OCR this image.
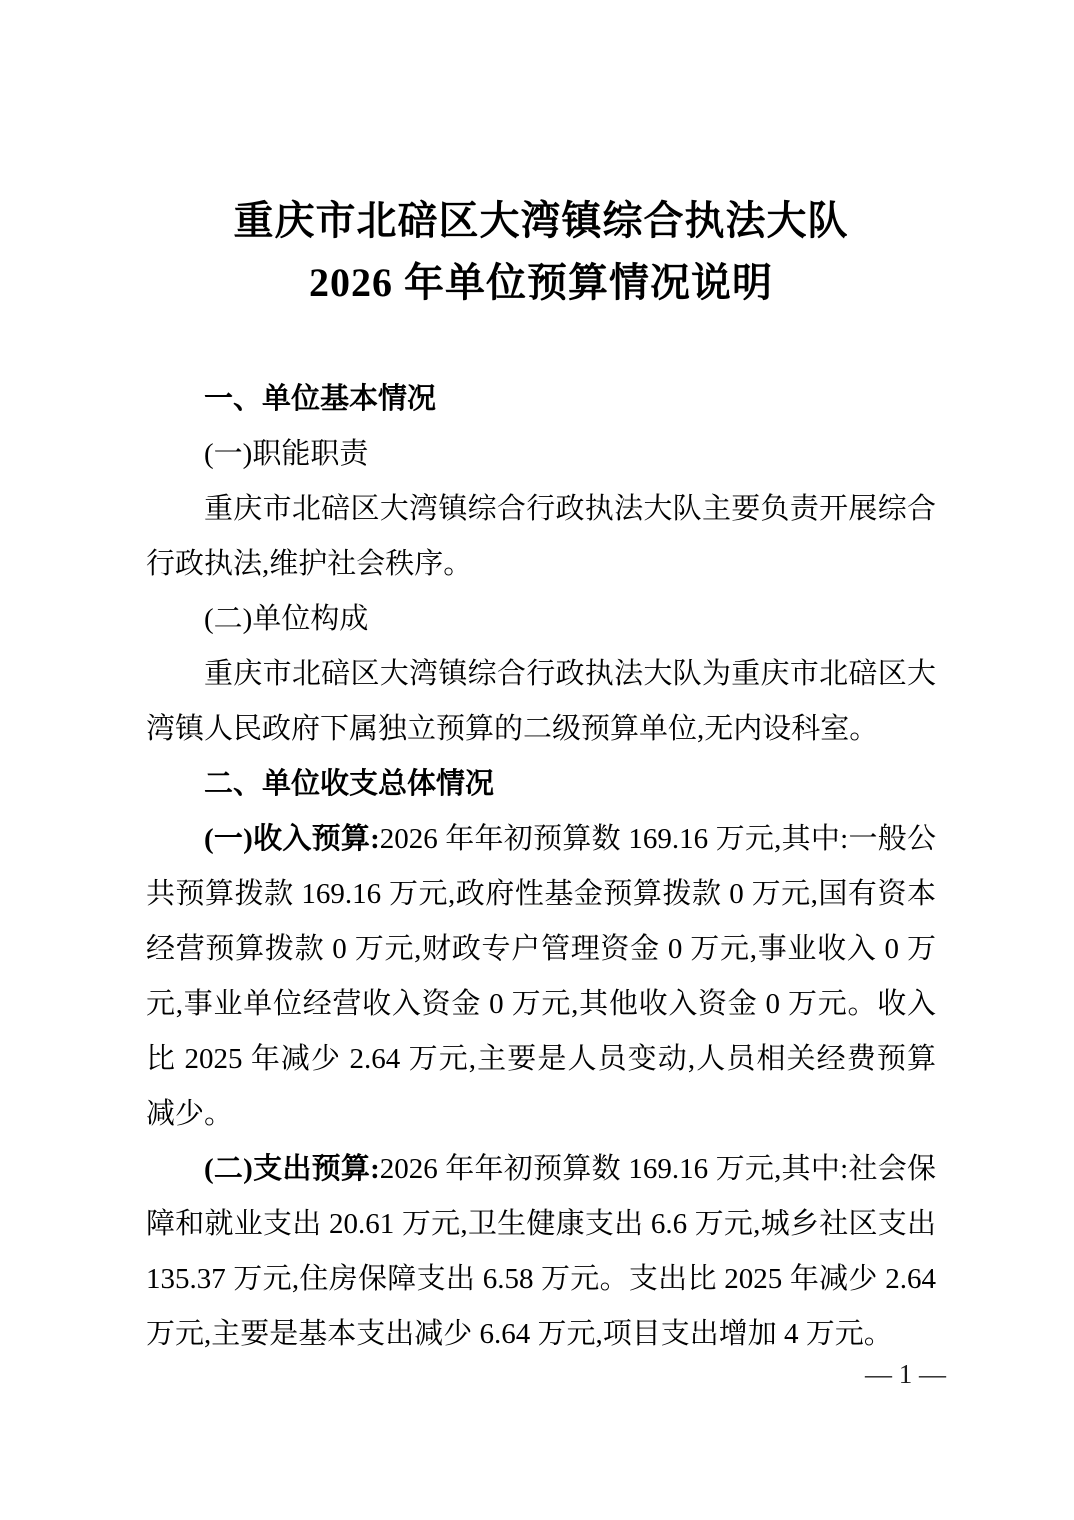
重庆市北碚区大湾镇综合执法大队
2026 年单位预算情况说明

一、单位基本情况

(一)职能职责

重庆市北碚区大湾镇综合行政执法大队主要负责开展综合行政执法,维护社会秩序。

(二)单位构成

重庆市北碚区大湾镇综合行政执法大队为重庆市北碚区大湾镇人民政府下属独立预算的二级预算单位,无内设科室。

二、单位收支总体情况

(一)收入预算:2026 年年初预算数 169.16 万元,其中:一般公共预算拨款 169.16 万元,政府性基金预算拨款 0 万元,国有资本经营预算拨款 0 万元,财政专户管理资金 0 万元,事业收入 0 万元,事业单位经营收入资金 0 万元,其他收入资金 0 万元。收入比 2025 年减少 2.64 万元,主要是人员变动,人员相关经费预算减少。

(二)支出预算:2026 年年初预算数 169.16 万元,其中:社会保障和就业支出 20.61 万元,卫生健康支出 6.6 万元,城乡社区支出 135.37 万元,住房保障支出 6.58 万元。支出比 2025 年减少 2.64 万元,主要是基本支出减少 6.64 万元,项目支出增加 4 万元。

— 1 —
